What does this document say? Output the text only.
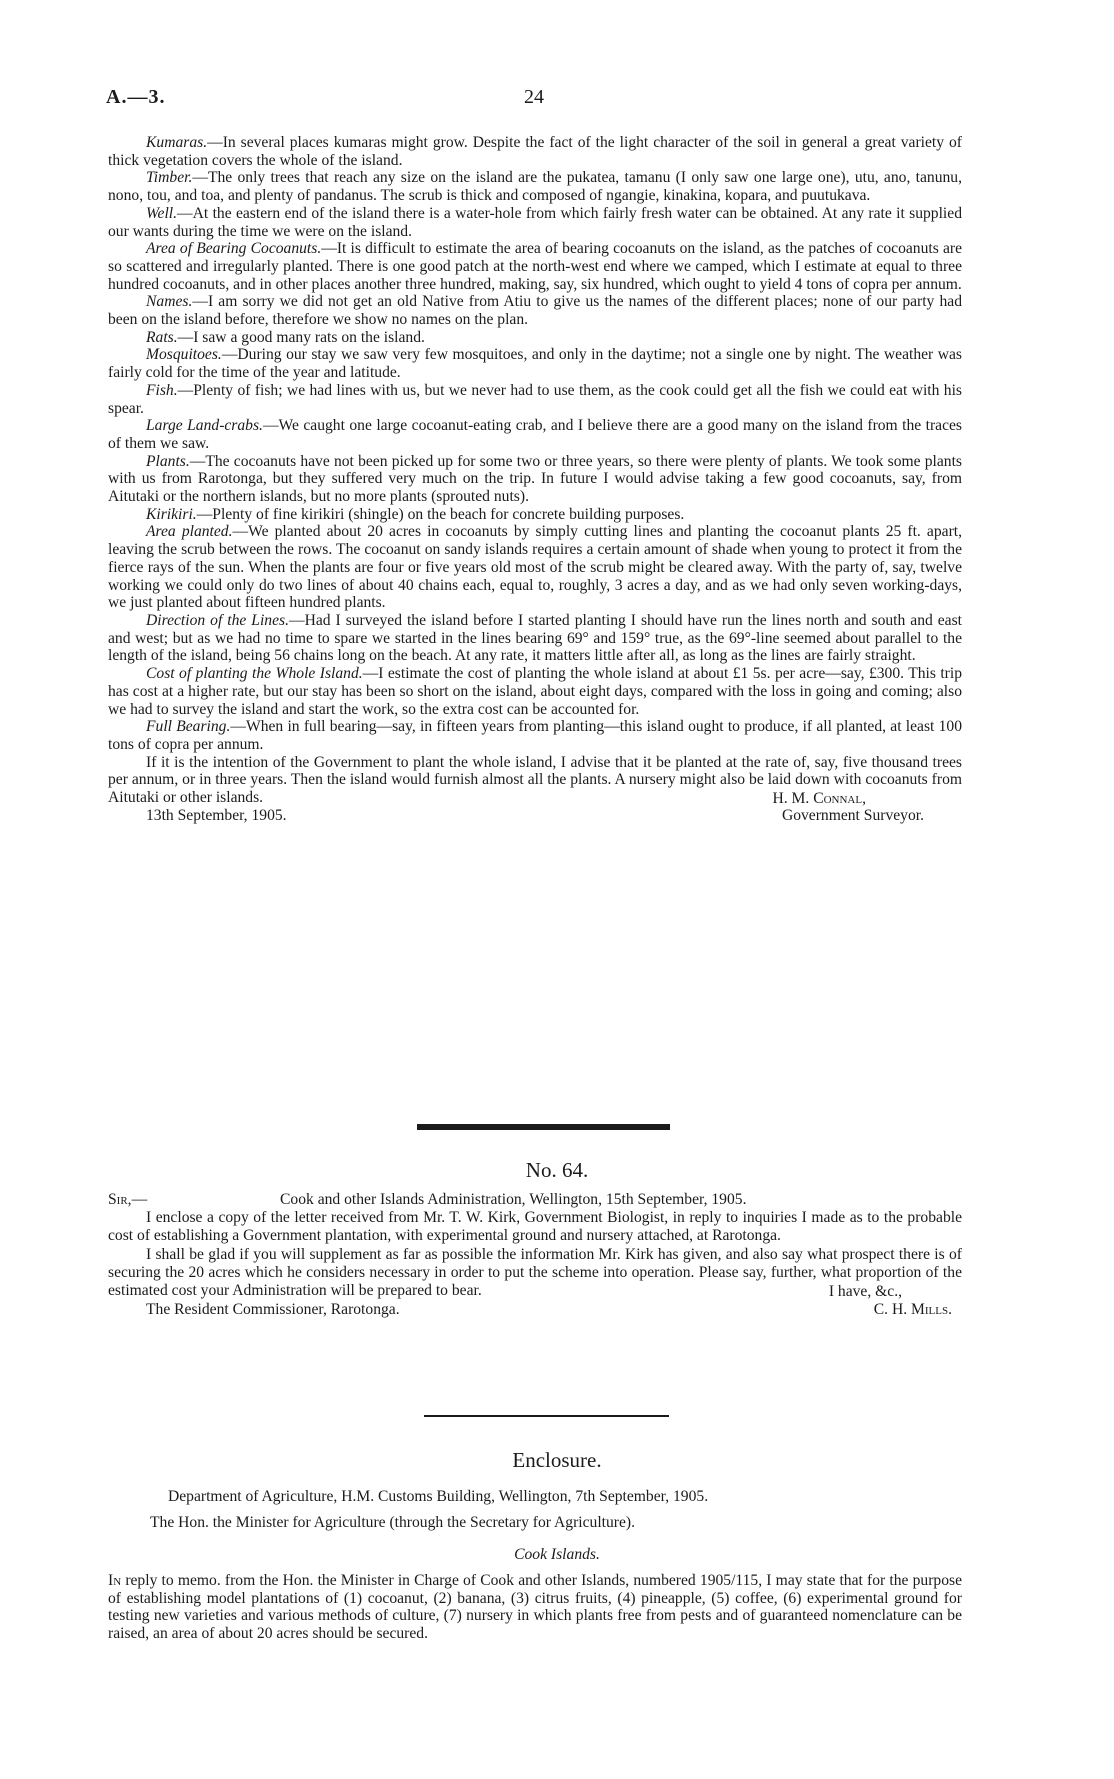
A.—3.	24

Kumaras.—In several places kumaras might grow. Despite the fact of the light character of the soil in general a great variety of thick vegetation covers the whole of the island.

Timber.—The only trees that reach any size on the island are the pukatea, tamanu (I only saw one large one), utu, ano, tanunu, nono, tou, and toa, and plenty of pandanus. The scrub is thick and composed of ngangie, kinakina, kopara, and puutukava.

Well.—At the eastern end of the island there is a water-hole from which fairly fresh water can be obtained. At any rate it supplied our wants during the time we were on the island.

Area of Bearing Cocoanuts.—It is difficult to estimate the area of bearing cocoanuts on the island, as the patches of cocoanuts are so scattered and irregularly planted. There is one good patch at the north-west end where we camped, which I estimate at equal to three hundred cocoanuts, and in other places another three hundred, making, say, six hundred, which ought to yield 4 tons of copra per annum.

Names.—I am sorry we did not get an old Native from Atiu to give us the names of the different places; none of our party had been on the island before, therefore we show no names on the plan.

Rats.—I saw a good many rats on the island.

Mosquitoes.—During our stay we saw very few mosquitoes, and only in the daytime; not a single one by night. The weather was fairly cold for the time of the year and latitude.

Fish.—Plenty of fish; we had lines with us, but we never had to use them, as the cook could get all the fish we could eat with his spear.

Large Land-crabs.—We caught one large cocoanut-eating crab, and I believe there are a good many on the island from the traces of them we saw.

Plants.—The cocoanuts have not been picked up for some two or three years, so there were plenty of plants. We took some plants with us from Rarotonga, but they suffered very much on the trip. In future I would advise taking a few good cocoanuts, say, from Aitutaki or the northern islands, but no more plants (sprouted nuts).

Kirikiri.—Plenty of fine kirikiri (shingle) on the beach for concrete building purposes.

Area planted.—We planted about 20 acres in cocoanuts by simply cutting lines and planting the cocoanut plants 25 ft. apart, leaving the scrub between the rows. The cocoanut on sandy islands requires a certain amount of shade when young to protect it from the fierce rays of the sun. When the plants are four or five years old most of the scrub might be cleared away. With the party of, say, twelve working we could only do two lines of about 40 chains each, equal to, roughly, 3 acres a day, and as we had only seven working-days, we just planted about fifteen hundred plants.

Direction of the Lines.—Had I surveyed the island before I started planting I should have run the lines north and south and east and west; but as we had no time to spare we started in the lines bearing 69° and 159° true, as the 69°-line seemed about parallel to the length of the island, being 56 chains long on the beach. At any rate, it matters little after all, as long as the lines are fairly straight.

Cost of planting the Whole Island.—I estimate the cost of planting the whole island at about £1 5s. per acre—say, £300. This trip has cost at a higher rate, but our stay has been so short on the island, about eight days, compared with the loss in going and coming; also we had to survey the island and start the work, so the extra cost can be accounted for.

Full Bearing.—When in full bearing—say, in fifteen years from planting—this island ought to produce, if all planted, at least 100 tons of copra per annum.

If it is the intention of the Government to plant the whole island, I advise that it be planted at the rate of, say, five thousand trees per annum, or in three years. Then the island would furnish almost all the plants. A nursery might also be laid down with cocoanuts from Aitutaki or other islands.	H. M. Connal,
13th September, 1905.	Government Surveyor.
No. 64.
Sir,—	Cook and other Islands Administration, Wellington, 15th September, 1905.

I enclose a copy of the letter received from Mr. T. W. Kirk, Government Biologist, in reply to inquiries I made as to the probable cost of establishing a Government plantation, with experimental ground and nursery attached, at Rarotonga.

I shall be glad if you will supplement as far as possible the information Mr. Kirk has given, and also say what prospect there is of securing the 20 acres which he considers necessary in order to put the scheme into operation. Please say, further, what proportion of the estimated cost your Administration will be prepared to bear.	I have, &c.,
The Resident Commissioner, Rarotonga.	C. H. Mills.
Enclosure.
Department of Agriculture, H.M. Customs Building, Wellington, 7th September, 1905.
The Hon. the Minister for Agriculture (through the Secretary for Agriculture).
Cook Islands.

In reply to memo. from the Hon. the Minister in Charge of Cook and other Islands, numbered 1905/115, I may state that for the purpose of establishing model plantations of (1) cocoanut, (2) banana, (3) citrus fruits, (4) pineapple, (5) coffee, (6) experimental ground for testing new varieties and various methods of culture, (7) nursery in which plants free from pests and of guaranteed nomenclature can be raised, an area of about 20 acres should be secured.
